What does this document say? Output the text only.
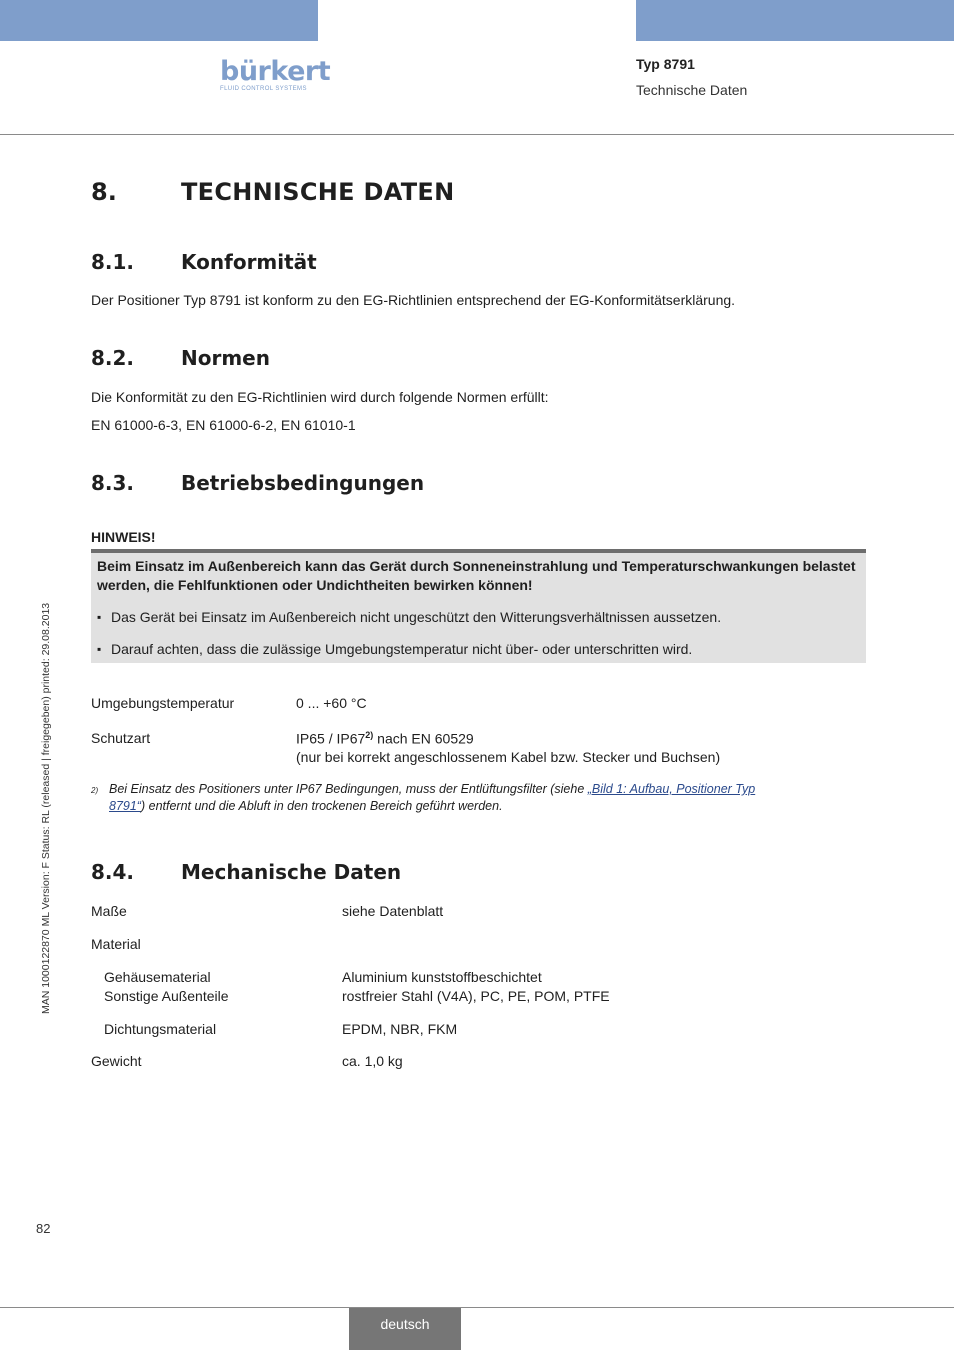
bürkert
FLUID CONTROL SYSTEMS
Typ 8791
Technische Daten
8.	TECHNISCHE DATEN
8.1. Konformität
Der Positioner Typ 8791 ist konform zu den EG-Richtlinien entsprechend der EG-Konformitätserklärung.
8.2. Normen
Die Konformität zu den EG-Richtlinien wird durch folgende Normen erfüllt:
EN 61000-6-3, EN 61000-6-2, EN 61010-1
8.3. Betriebsbedingungen
HINWEIS!
Beim Einsatz im Außenbereich kann das Gerät durch Sonneneinstrahlung und Temperaturschwankungen belastet werden, die Fehlfunktionen oder Undichtheiten bewirken können!
▪ Das Gerät bei Einsatz im Außenbereich nicht ungeschützt den Witterungsverhältnissen aussetzen.
▪ Darauf achten, dass die zulässige Umgebungstemperatur nicht über- oder unterschritten wird.
Umgebungstemperatur	0 ... +60 °C
Schutzart	IP65 / IP67$^{2)}$ nach EN 60529
(nur bei korrekt angeschlossenem Kabel bzw. Stecker und Buchsen)
2) Bei Einsatz des Positioners unter IP67 Bedingungen, muss der Entlüftungsfilter (siehe „Bild 1: Aufbau, Positioner Typ
8791“) entfernt und die Abluft in den trockenen Bereich geführt werden.
8.4. Mechanische Daten
Maße	siehe Datenblatt
Material
Gehäusematerial	Aluminium kunststoffbeschichtet
Sonstige Außenteile	rostfreier Stahl (V4A), PC, PE, POM, PTFE
Dichtungsmaterial	EPDM, NBR, FKM
Gewicht	ca. 1,0 kg
MAN 1000122870 ML Version: F Status: RL (released | freigegeben) printed: 29.08.2013
82
deutsch
